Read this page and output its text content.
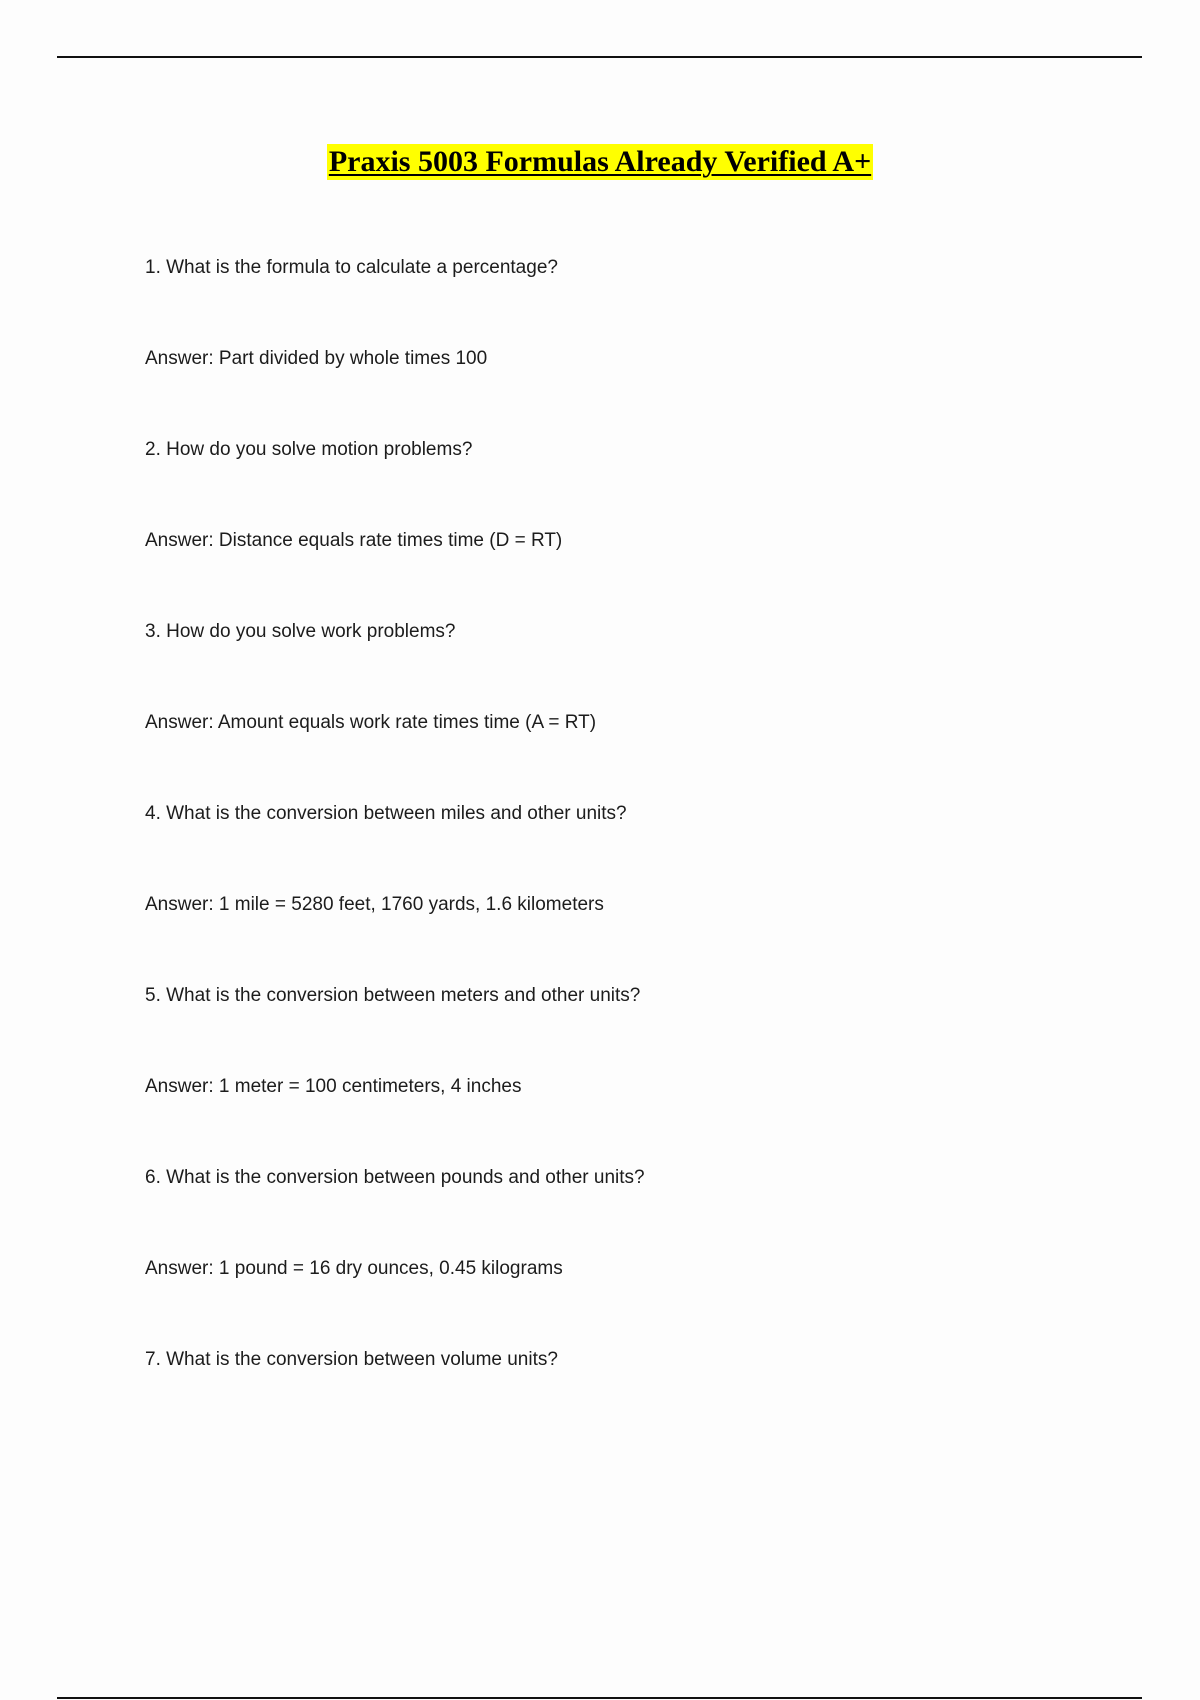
Praxis 5003 Formulas Already Verified A+
1. What is the formula to calculate a percentage?
Answer: Part divided by whole times 100
2. How do you solve motion problems?
Answer: Distance equals rate times time (D = RT)
3. How do you solve work problems?
Answer: Amount equals work rate times time (A = RT)
4. What is the conversion between miles and other units?
Answer: 1 mile = 5280 feet, 1760 yards, 1.6 kilometers
5. What is the conversion between meters and other units?
Answer: 1 meter = 100 centimeters, 4 inches
6. What is the conversion between pounds and other units?
Answer: 1 pound = 16 dry ounces, 0.45 kilograms
7. What is the conversion between volume units?
